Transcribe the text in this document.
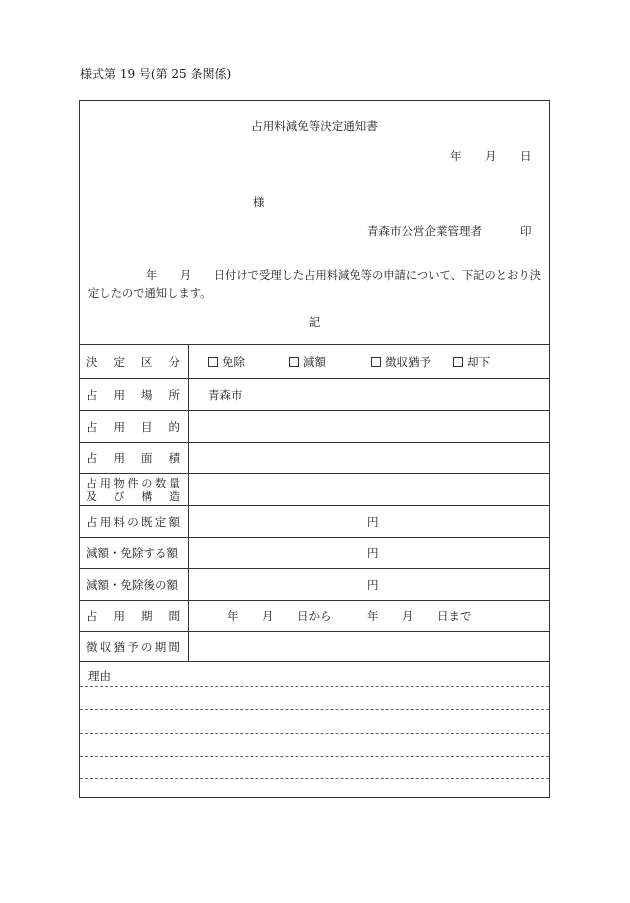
様式第 19 号(第 25 条関係)
占用料減免等決定通知書
年 月 日
様
青森市公営企業管理者	印
年　　月　　日付けで受理した占用料減免等の申請について、下記のとおり決定したので通知します。
記
決 定 区 分	免除	減額	徴収猶予	却下
占 用 場 所 青森市
占 用 目 的
占 用 面 積
占 用 物 件 の 数 量
及 び 構 造
占 用 料 の 既 定 額	円
減額・免除する額	円
減額・免除後の額	円
占 用 期 間	年 月 日から	年 月 日まで
徴 収 猶 予 の 期 間
理由
